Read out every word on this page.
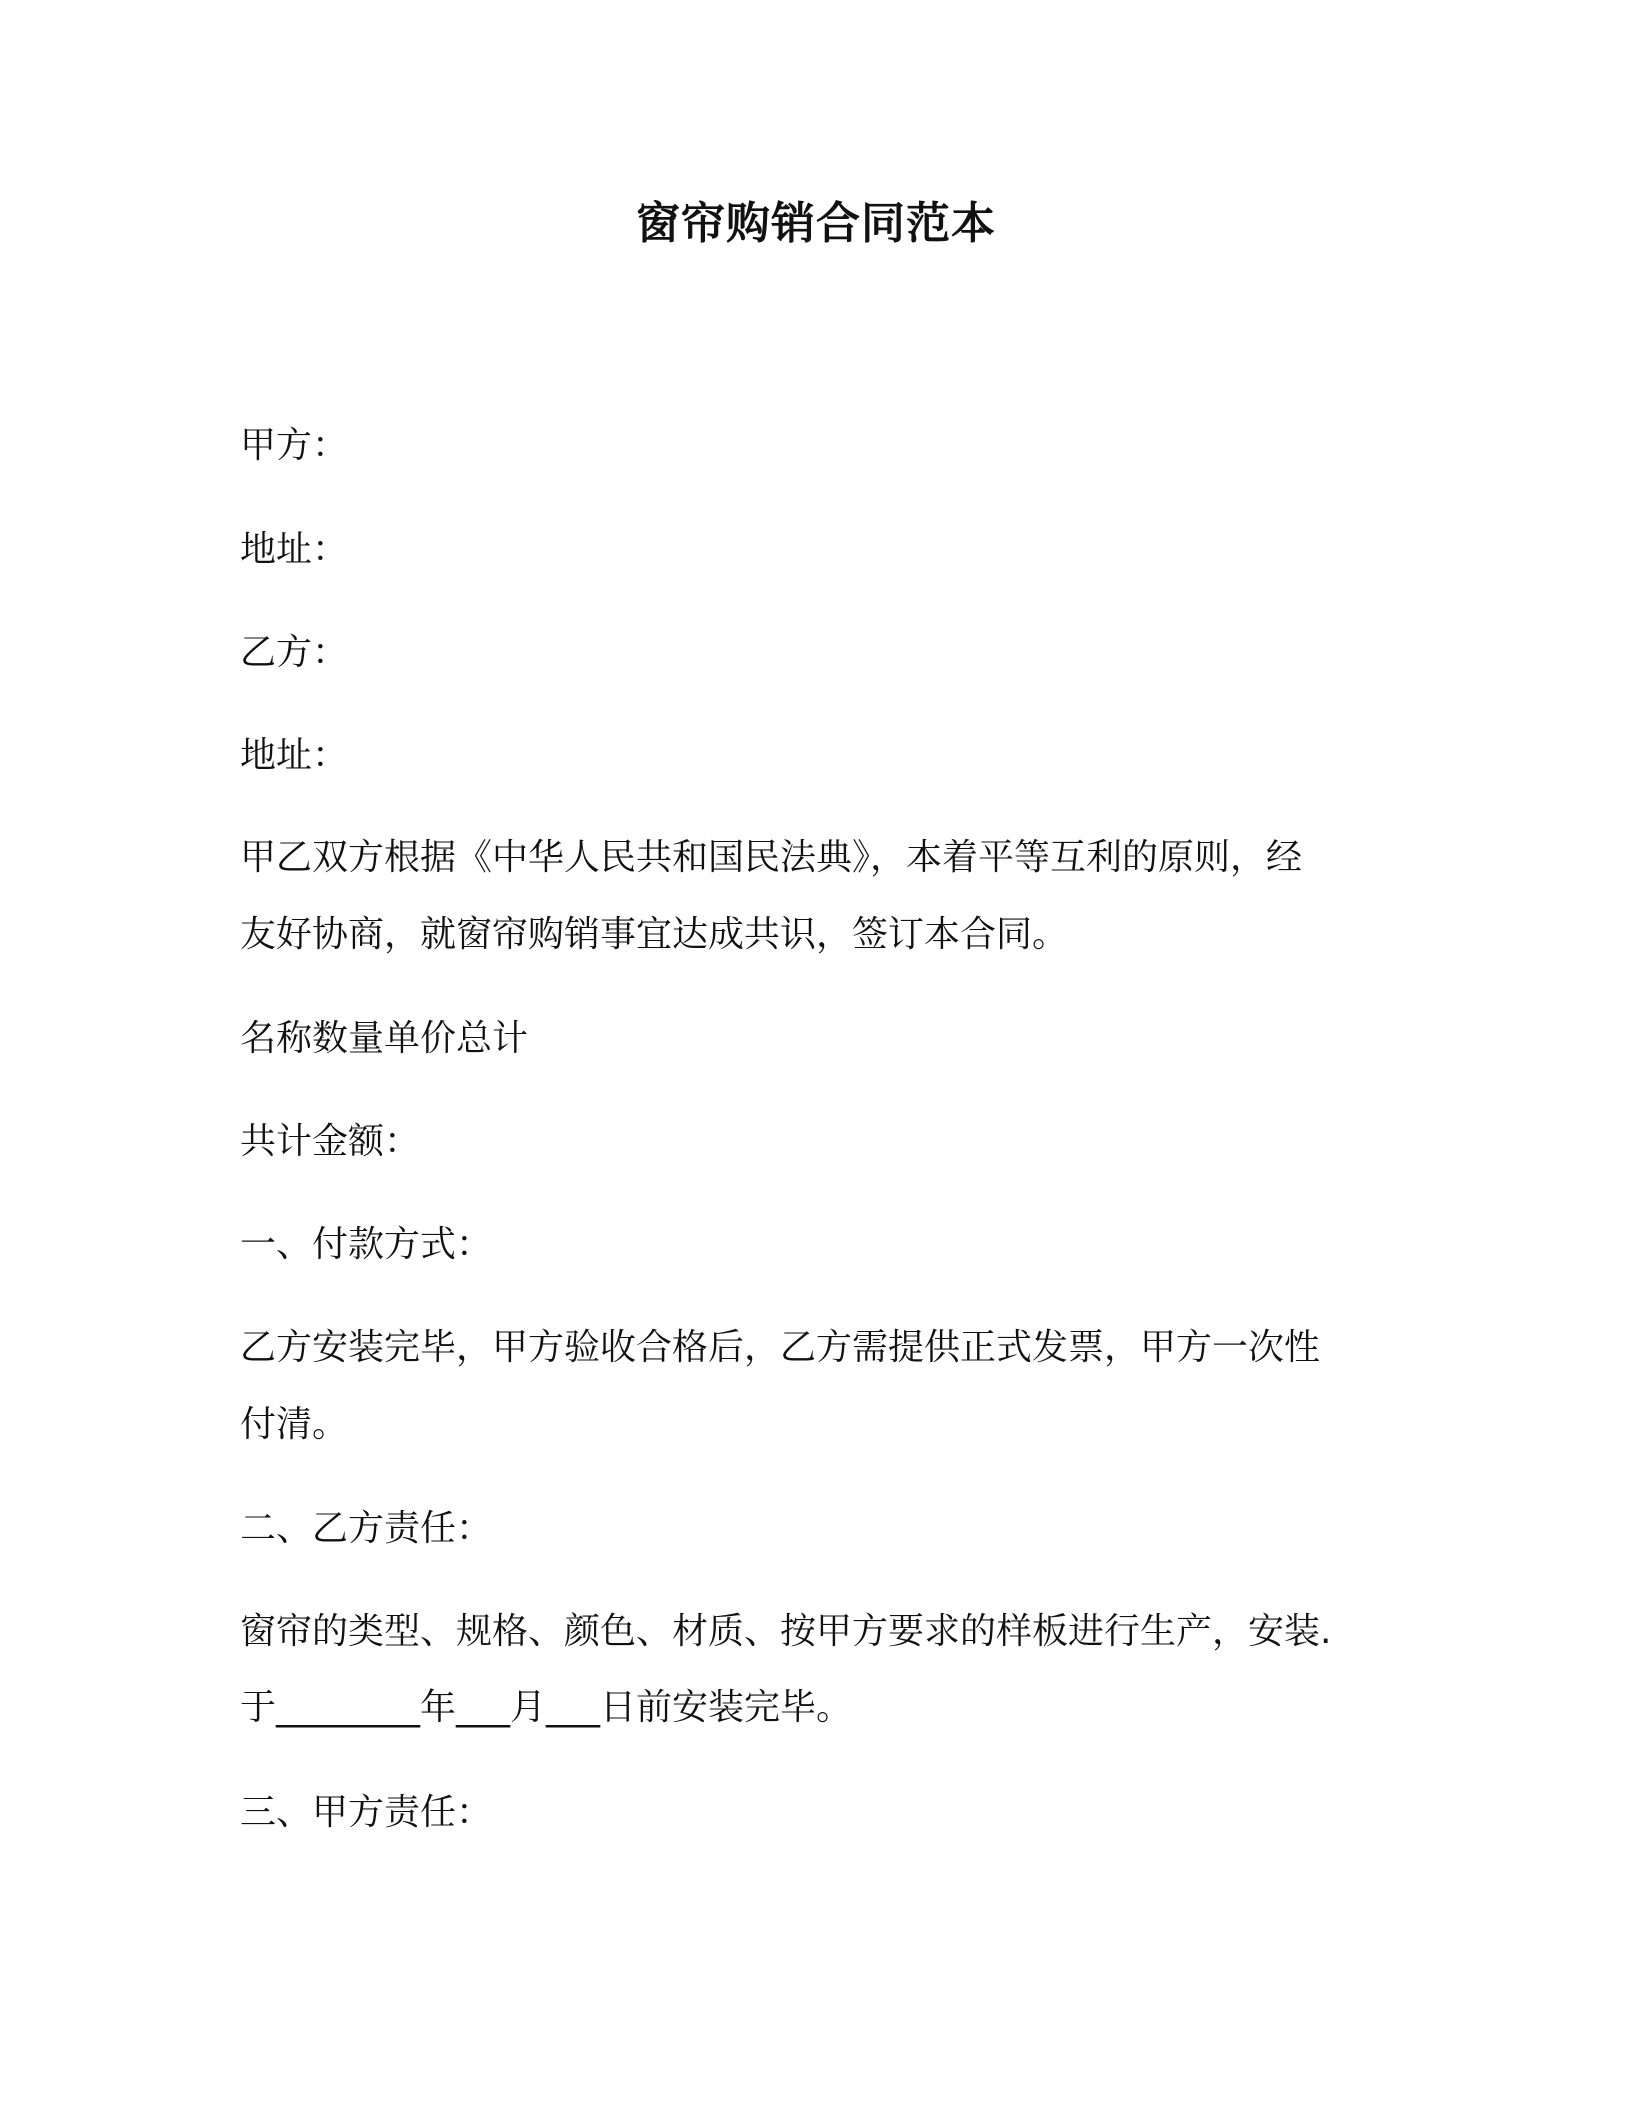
窗帘购销合同范本
甲方：
地址：
乙方：
地址：
甲乙双方根据《中华人民共和国民法典》，本着平等互利的原则，经
友好协商，就窗帘购销事宜达成共识，签订本合同。
名称数量单价总计
共计金额：
一、付款方式：
乙方安装完毕，甲方验收合格后，乙方需提供正式发票，甲方一次性
付清。
二、乙方责任：
窗帘的类型、规格、颜色、材质、按甲方要求的样板进行生产，安装.
于________年___月___日前安装完毕。
三、甲方责任：
